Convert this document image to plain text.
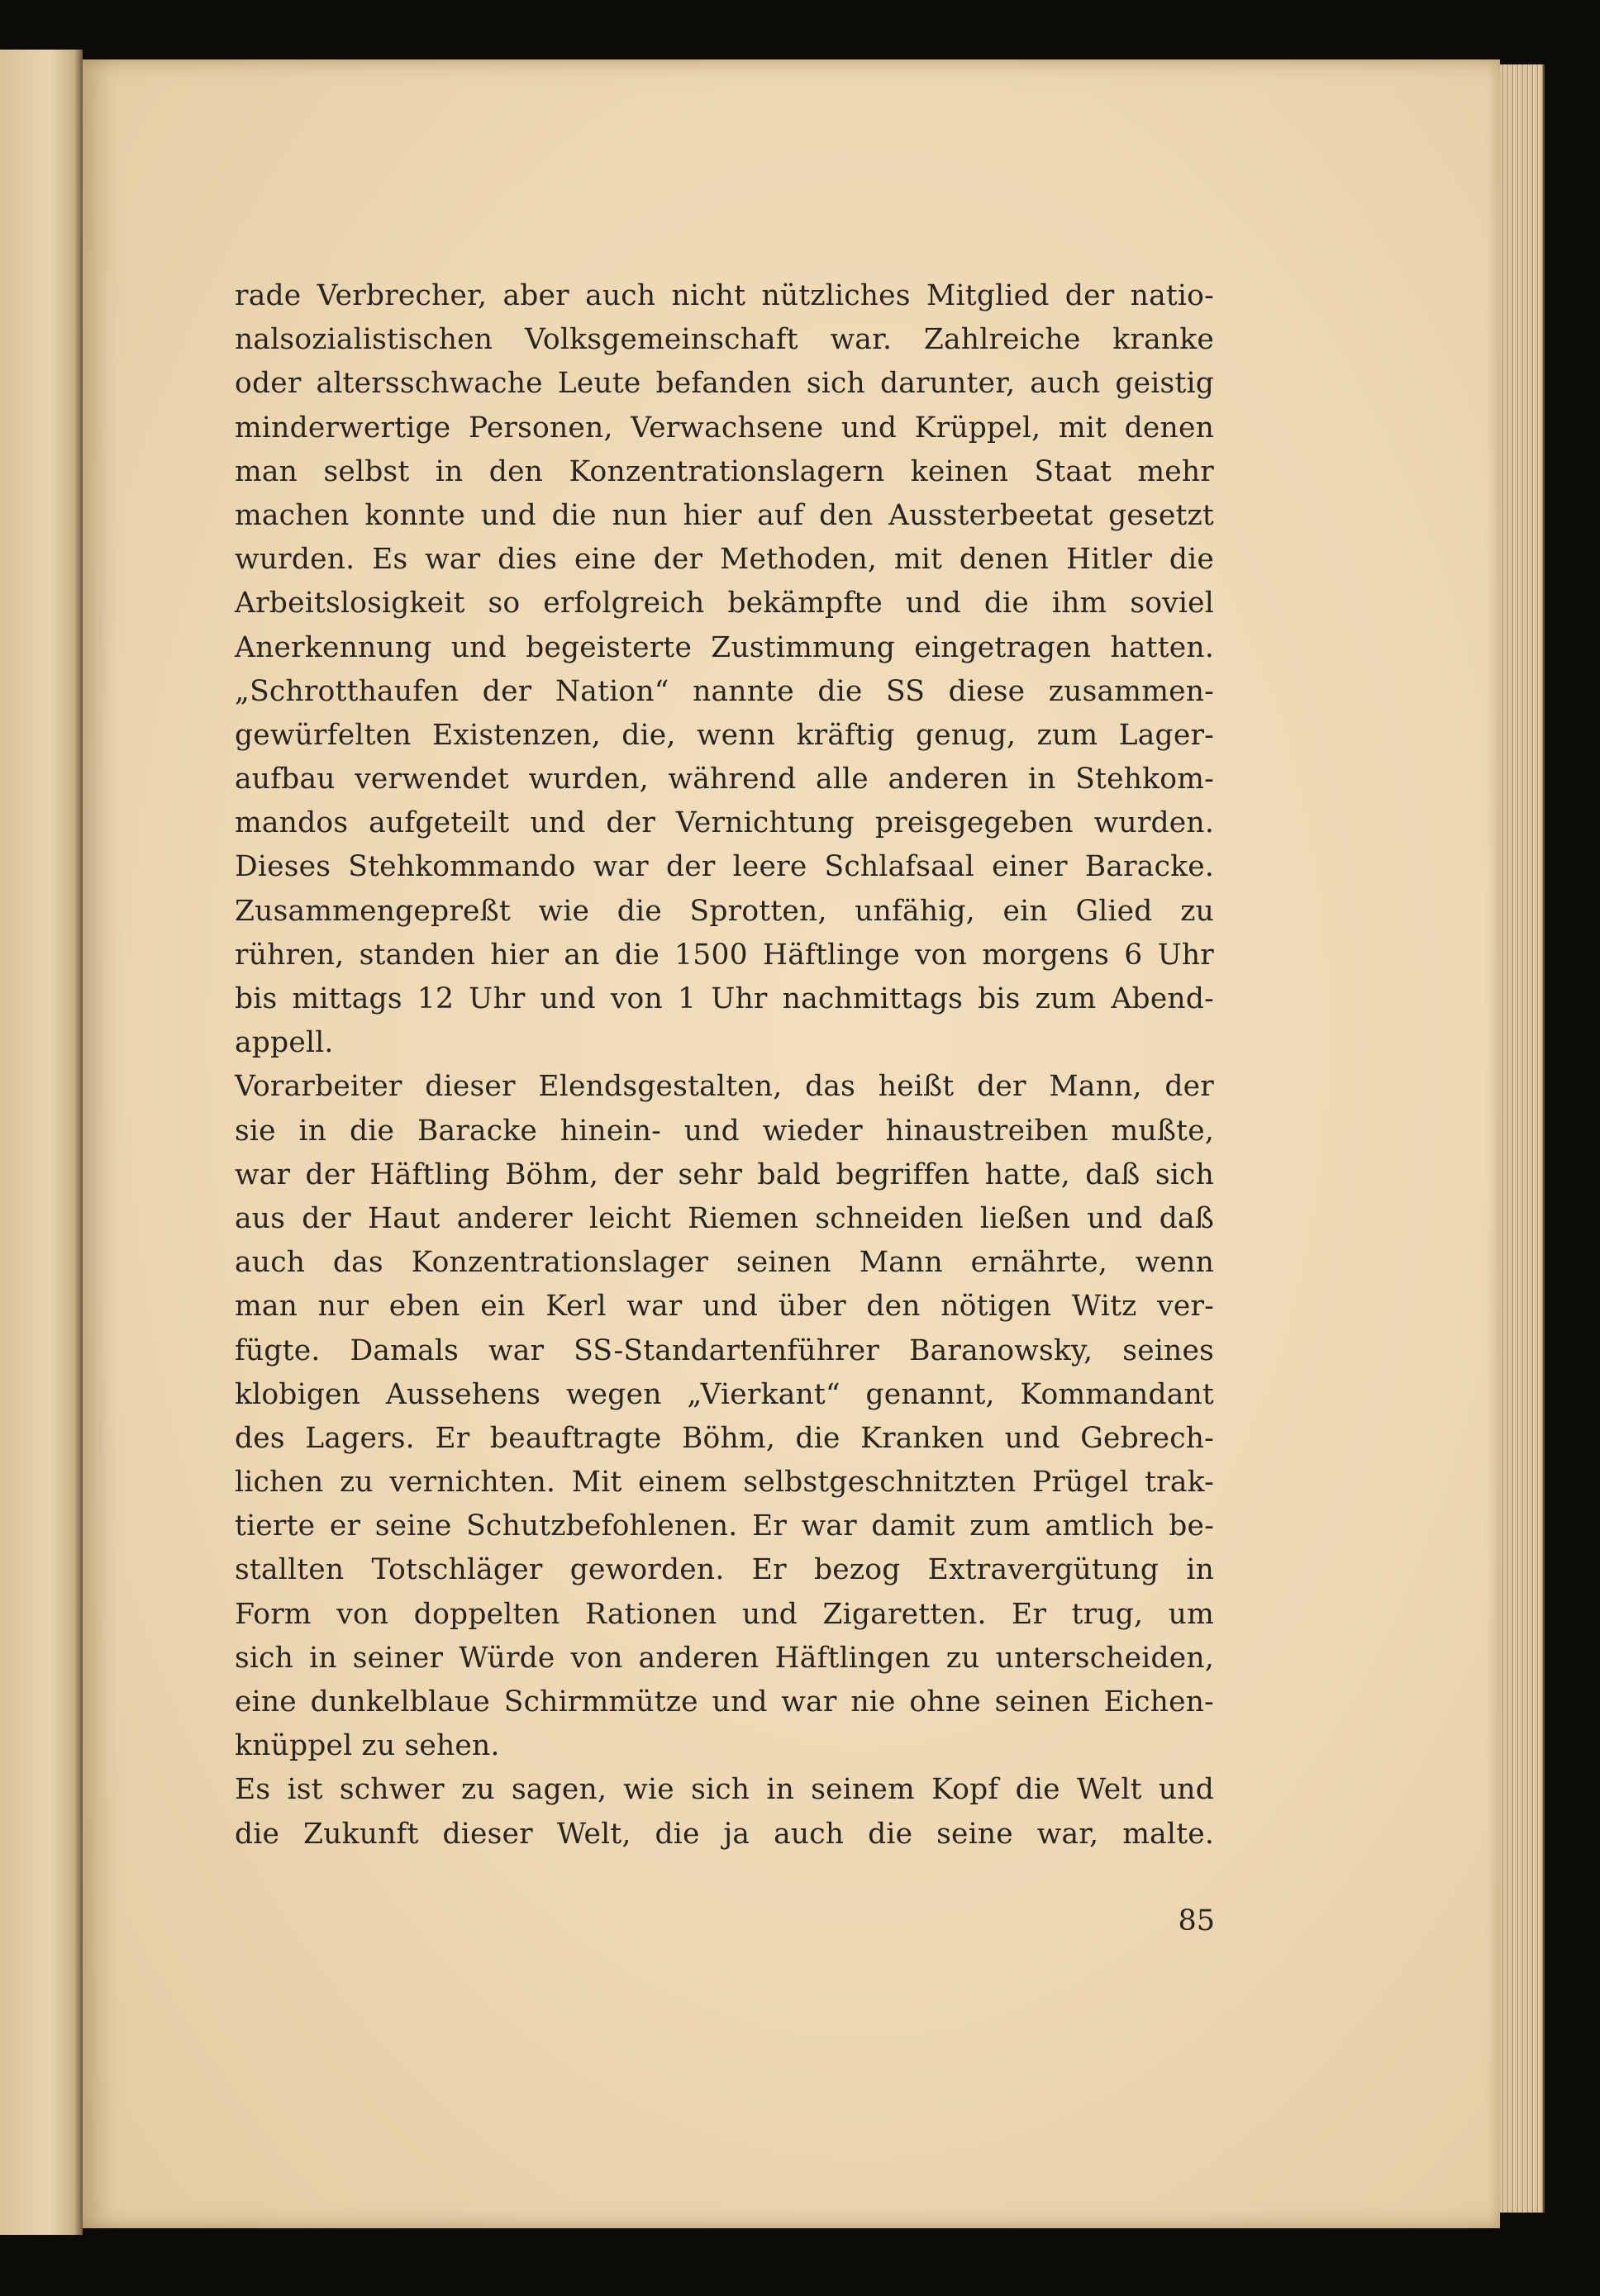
rade Verbrecher, aber auch nicht nützliches Mitglied der natio-
nalsozialistischen Volksgemeinschaft war. Zahlreiche kranke
oder altersschwache Leute befanden sich darunter, auch geistig
minderwertige Personen, Verwachsene und Krüppel, mit denen
man selbst in den Konzentrationslagern keinen Staat mehr
machen konnte und die nun hier auf den Aussterbeetat gesetzt
wurden. Es war dies eine der Methoden, mit denen Hitler die
Arbeitslosigkeit so erfolgreich bekämpfte und die ihm soviel
Anerkennung und begeisterte Zustimmung eingetragen hatten.
„Schrotthaufen der Nation“ nannte die SS diese zusammen-
gewürfelten Existenzen, die, wenn kräftig genug, zum Lager-
aufbau verwendet wurden, während alle anderen in Stehkom-
mandos aufgeteilt und der Vernichtung preisgegeben wurden.
Dieses Stehkommando war der leere Schlafsaal einer Baracke.
Zusammengepreßt wie die Sprotten, unfähig, ein Glied zu
rühren, standen hier an die 1500 Häftlinge von morgens 6 Uhr
bis mittags 12 Uhr und von 1 Uhr nachmittags bis zum Abend-
appell.
Vorarbeiter dieser Elendsgestalten, das heißt der Mann, der
sie in die Baracke hinein- und wieder hinaustreiben mußte,
war der Häftling Böhm, der sehr bald begriffen hatte, daß sich
aus der Haut anderer leicht Riemen schneiden ließen und daß
auch das Konzentrationslager seinen Mann ernährte, wenn
man nur eben ein Kerl war und über den nötigen Witz ver-
fügte. Damals war SS-Standartenführer Baranowsky, seines
klobigen Aussehens wegen „Vierkant“ genannt, Kommandant
des Lagers. Er beauftragte Böhm, die Kranken und Gebrech-
lichen zu vernichten. Mit einem selbstgeschnitzten Prügel trak-
tierte er seine Schutzbefohlenen. Er war damit zum amtlich be-
stallten Totschläger geworden. Er bezog Extravergütung in
Form von doppelten Rationen und Zigaretten. Er trug, um
sich in seiner Würde von anderen Häftlingen zu unterscheiden,
eine dunkelblaue Schirmmütze und war nie ohne seinen Eichen-
knüppel zu sehen.
Es ist schwer zu sagen, wie sich in seinem Kopf die Welt und
die Zukunft dieser Welt, die ja auch die seine war, malte.
85
